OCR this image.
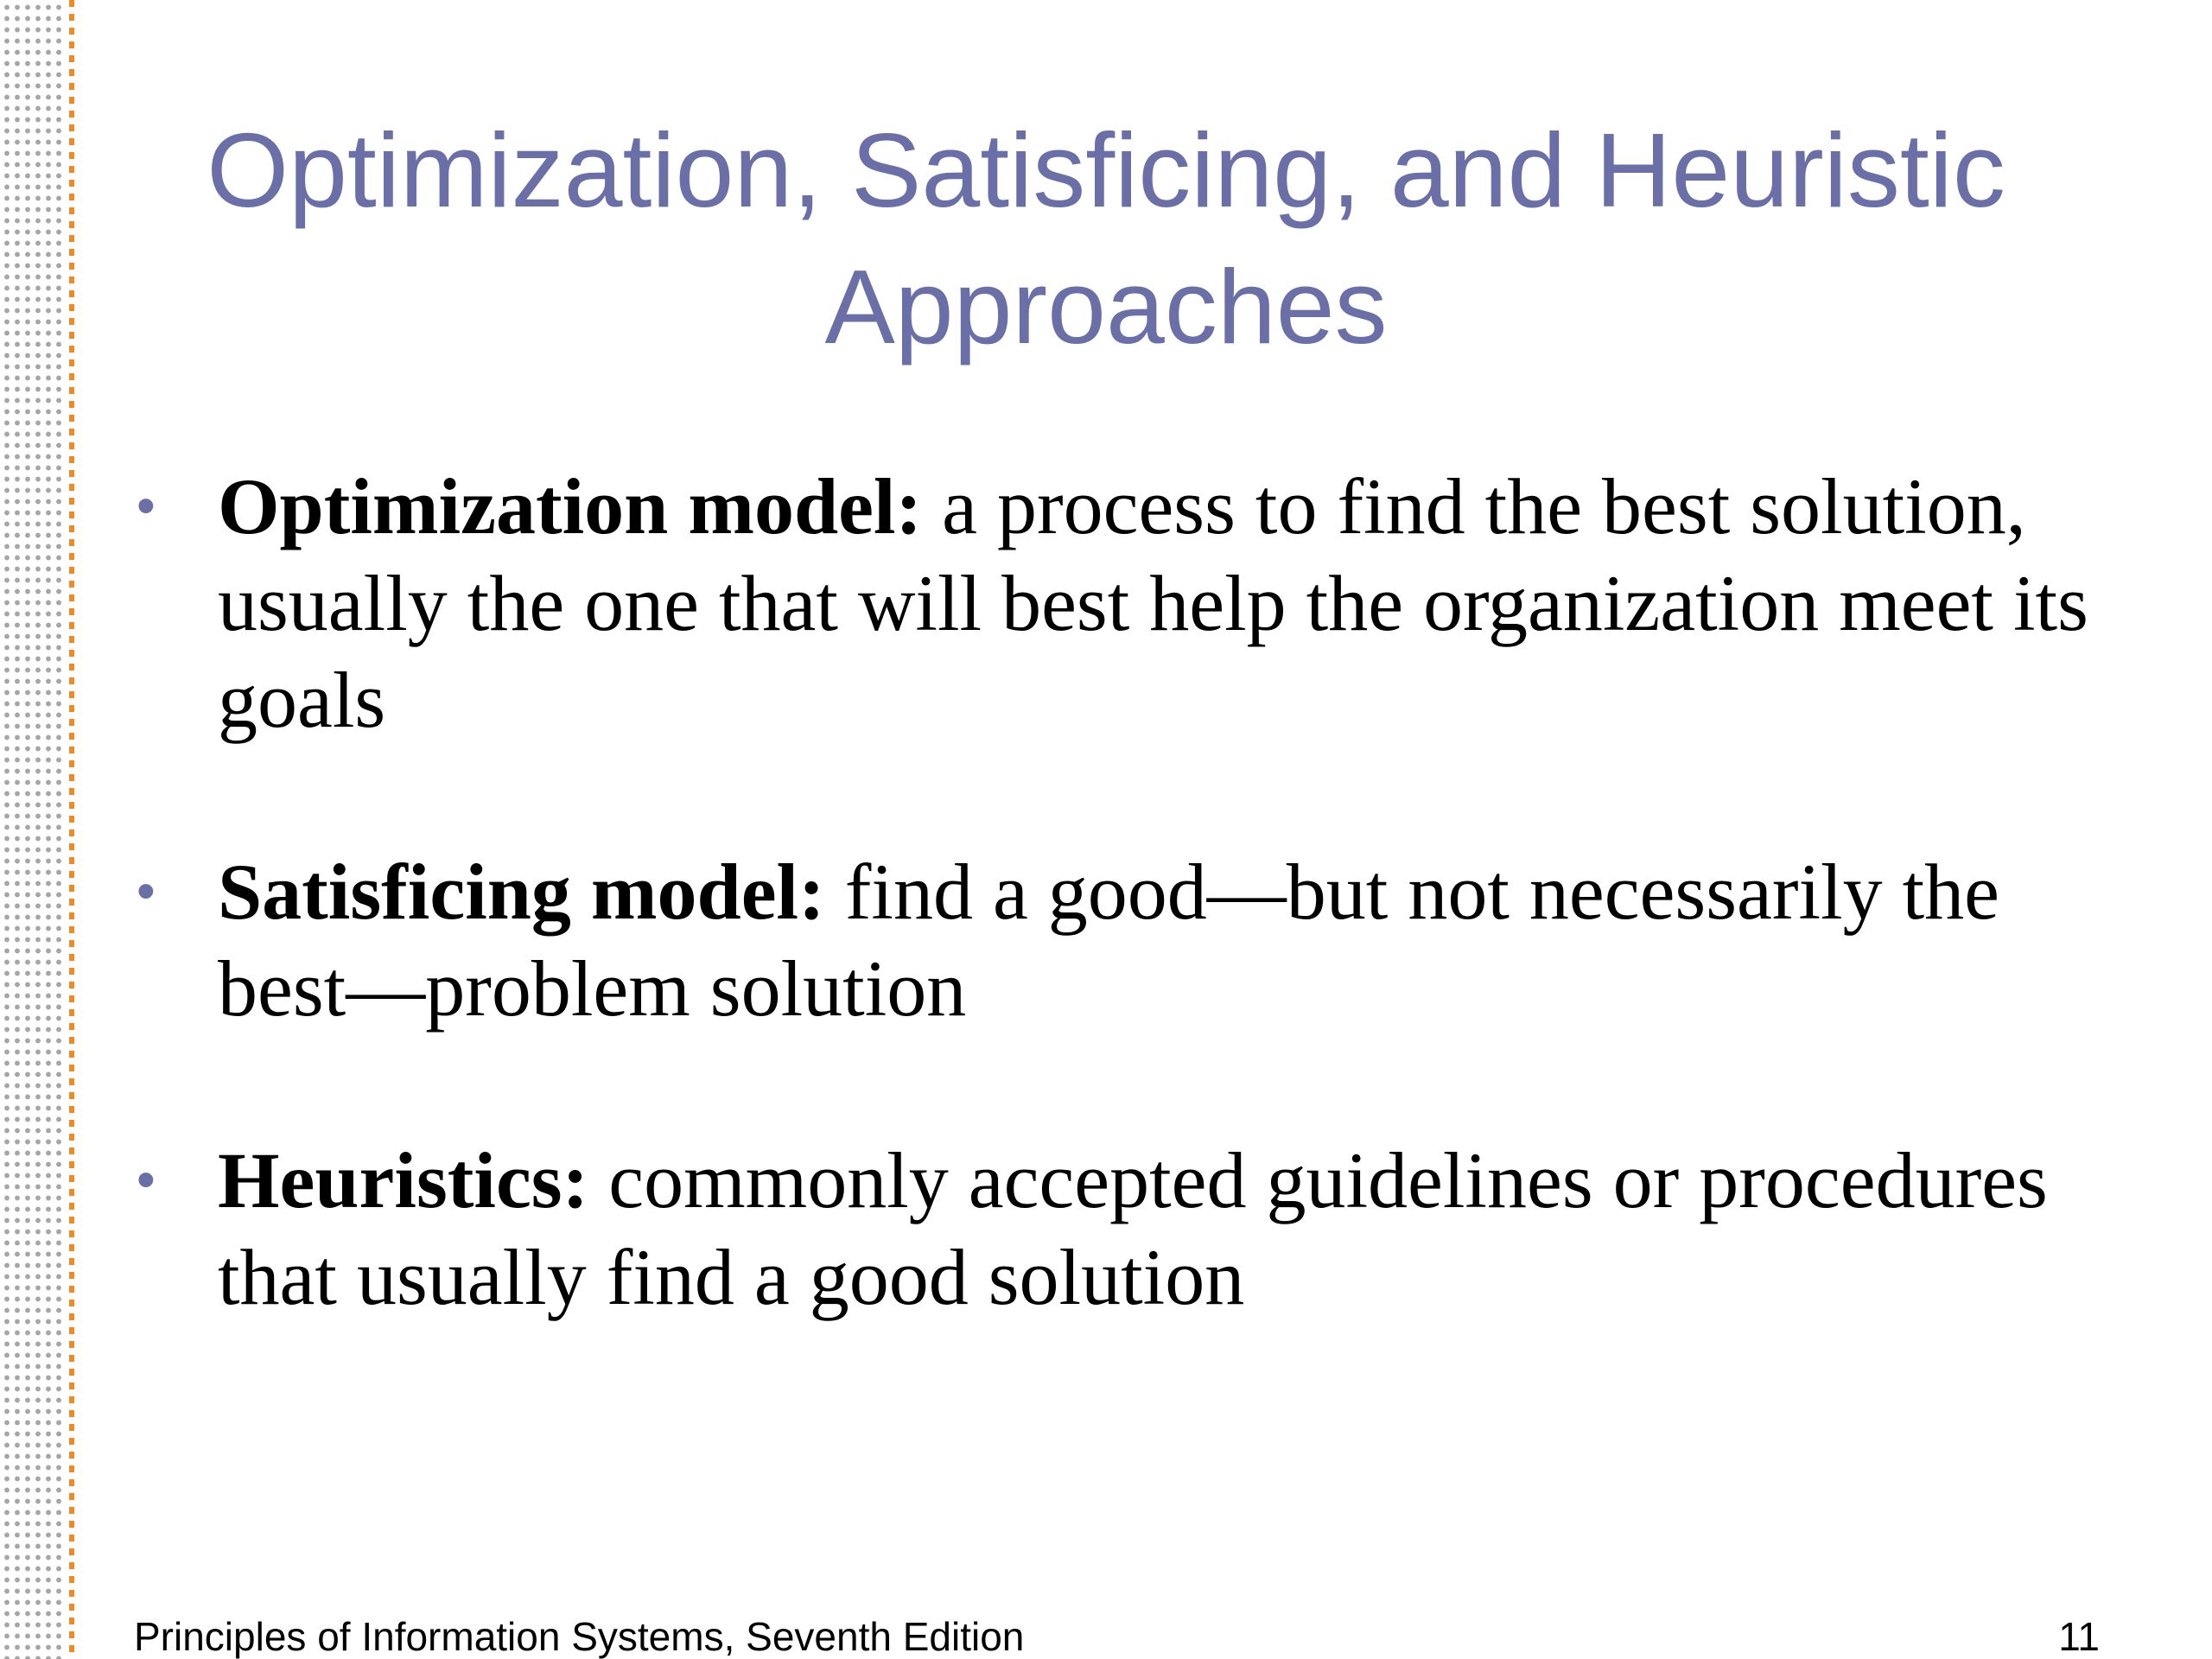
Optimization, Satisficing, and Heuristic Approaches
• Optimization model: a process to find the best solution, usually the one that will best help the organization meet its goals
• Satisficing model: find a good—but not necessarily the best—problem solution
• Heuristics: commonly accepted guidelines or procedures that usually find a good solution
Principles of Information Systems, Seventh Edition	11
